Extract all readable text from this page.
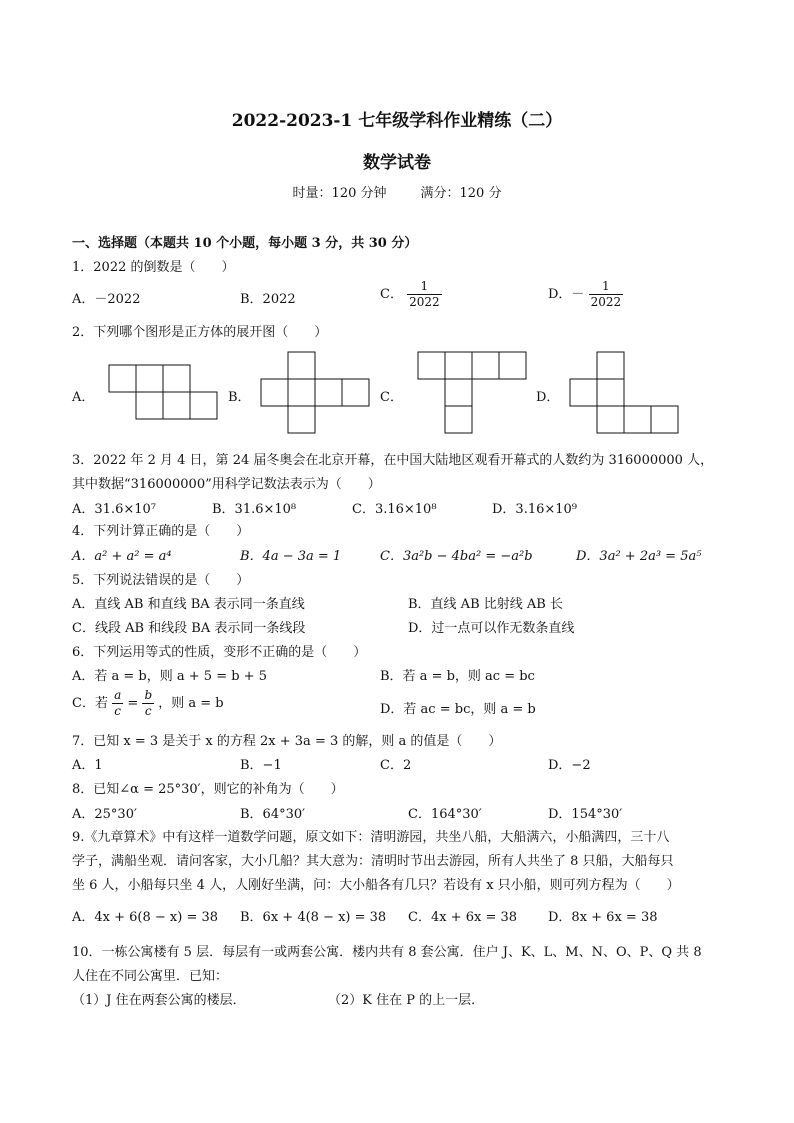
2022-2023-1 七年级学科作业精练（二）
数学试卷
时量：120 分钟	满分：120 分
一、选择题（本题共 10 个小题，每小题 3 分，共 30 分）
1．2022 的倒数是（　　）
A．－2022	B．2022	C． $\frac{1}{2022}$	D．－ $\frac{1}{2022}$
2．下列哪个图形是正方体的展开图（　　）
A．	B．	C．	D．
3．2022 年 2 月 4 日，第 24 届冬奥会在北京开幕，在中国大陆地区观看开幕式的人数约为 316000000 人，
其中数据“316000000”用科学记数法表示为（　　）
A．31.6×10⁷	B．31.6×10⁸	C．3.16×10⁸	D．3.16×10⁹
4．下列计算正确的是（　　）
A．a² + a² = a⁴	B．4a − 3a = 1	C．3a²b − 4ba² = −a²b	D．3a² + 2a³ = 5a⁵
5．下列说法错误的是（　　）
A．直线 AB 和直线 BA 表示同一条直线	B．直线 AB 比射线 AB 长
C．线段 AB 和线段 BA 表示同一条线段	D．过一点可以作无数条直线
6．下列运用等式的性质，变形不正确的是（　　）
A．若 a = b，则 a + 5 = b + 5	B．若 a = b，则 ac = bc
C．若 $\frac{a}{c} = \frac{b}{c}$ ，则 a = b	D．若 ac = bc，则 a = b
7．已知 x = 3 是关于 x 的方程 2x + 3a = 3 的解，则 a 的值是（　　）
A．1	B．−1	C．2	D．−2
8．已知∠α = 25°30′，则它的补角为（　　）
A．25°30′	B．64°30′	C．164°30′	D．154°30′
9.《九章算术》中有这样一道数学问题，原文如下：清明游园，共坐八船，大船满六，小船满四，三十八
学子，满船坐观．请问客家，大小几船？其大意为：清明时节出去游园，所有人共坐了 8 只船，大船每只
坐 6 人，小船每只坐 4 人，人刚好坐满，问：大小船各有几只？若设有 x 只小船，则可列方程为（　　）
A．4x + 6(8 − x) = 38 B．6x + 4(8 − x) = 38 C．4x + 6x = 38 D．8x + 6x = 38
10．一栋公寓楼有 5 层．每层有一或两套公寓．楼内共有 8 套公寓．住户 J、K、L、M、N、O、P、Q 共 8
人住在不同公寓里．已知：
（1）J 住在两套公寓的楼层．	（2）K 住在 P 的上一层．
